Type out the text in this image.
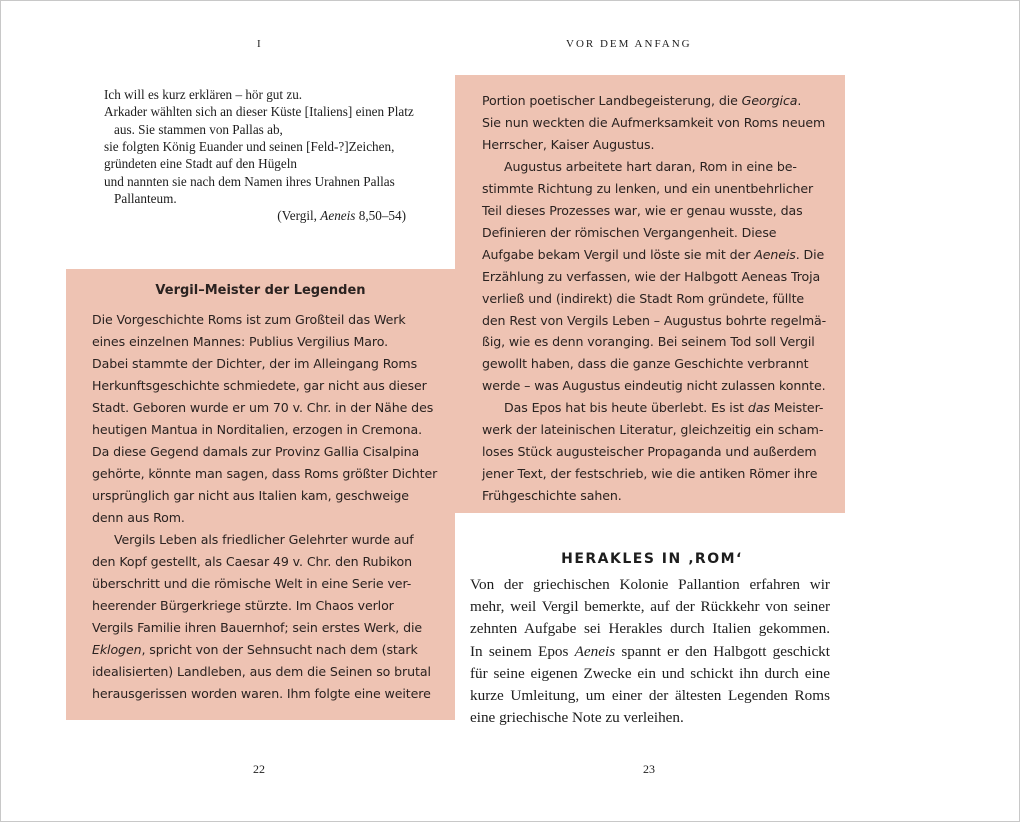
I	VOR DEM ANFANG
Ich will es kurz erklären – hör gut zu.
Arkader wählten sich an dieser Küste [Italiens] einen Platz
aus. Sie stammen von Pallas ab,
sie folgten König Euander und seinen [Feld-?]Zeichen,
gründeten eine Stadt auf den Hügeln
und nannten sie nach dem Namen ihres Urahnen Pallas
Pallanteum.
(Vergil, Aeneis 8,50–54)
Vergil–Meister der Legenden
Die Vorgeschichte Roms ist zum Großteil das Werk
eines einzelnen Mannes: Publius Vergilius Maro.
Dabei stammte der Dichter, der im Alleingang Roms
Herkunftsgeschichte schmiedete, gar nicht aus dieser
Stadt. Geboren wurde er um 70 v. Chr. in der Nähe des
heutigen Mantua in Norditalien, erzogen in Cremona.
Da diese Gegend damals zur Provinz Gallia Cisalpina
gehörte, könnte man sagen, dass Roms größter Dichter
ursprünglich gar nicht aus Italien kam, geschweige
denn aus Rom.
Vergils Leben als friedlicher Gelehrter wurde auf
den Kopf gestellt, als Caesar 49 v. Chr. den Rubikon
überschritt und die römische Welt in eine Serie ver-
heerender Bürgerkriege stürzte. Im Chaos verlor
Vergils Familie ihren Bauernhof; sein erstes Werk, die
Eklogen, spricht von der Sehnsucht nach dem (stark
idealisierten) Landleben, aus dem die Seinen so brutal
herausgerissen worden waren. Ihm folgte eine weitere
Portion poetischer Landbegeisterung, die Georgica.
Sie nun weckten die Aufmerksamkeit von Roms neuem
Herrscher, Kaiser Augustus.
Augustus arbeitete hart daran, Rom in eine be-
stimmte Richtung zu lenken, und ein unentbehrlicher
Teil dieses Prozesses war, wie er genau wusste, das
Definieren der römischen Vergangenheit. Diese
Aufgabe bekam Vergil und löste sie mit der Aeneis. Die
Erzählung zu verfassen, wie der Halbgott Aeneas Troja
verließ und (indirekt) die Stadt Rom gründete, füllte
den Rest von Vergils Leben – Augustus bohrte regelmä-
ßig, wie es denn voranging. Bei seinem Tod soll Vergil
gewollt haben, dass die ganze Geschichte verbrannt
werde – was Augustus eindeutig nicht zulassen konnte.
Das Epos hat bis heute überlebt. Es ist das Meister-
werk der lateinischen Literatur, gleichzeitig ein scham-
loses Stück augusteischer Propaganda und außerdem
jener Text, der festschrieb, wie die antiken Römer ihre
Frühgeschichte sahen.
HERAKLES IN ‚ROM‘
Von der griechischen Kolonie Pallantion erfahren wir
mehr, weil Vergil bemerkte, auf der Rückkehr von seiner
zehnten Aufgabe sei Herakles durch Italien gekommen.
In seinem Epos Aeneis spannt er den Halbgott geschickt
für seine eigenen Zwecke ein und schickt ihn durch eine
kurze Umleitung, um einer der ältesten Legenden Roms
eine griechische Note zu verleihen.
22	23
